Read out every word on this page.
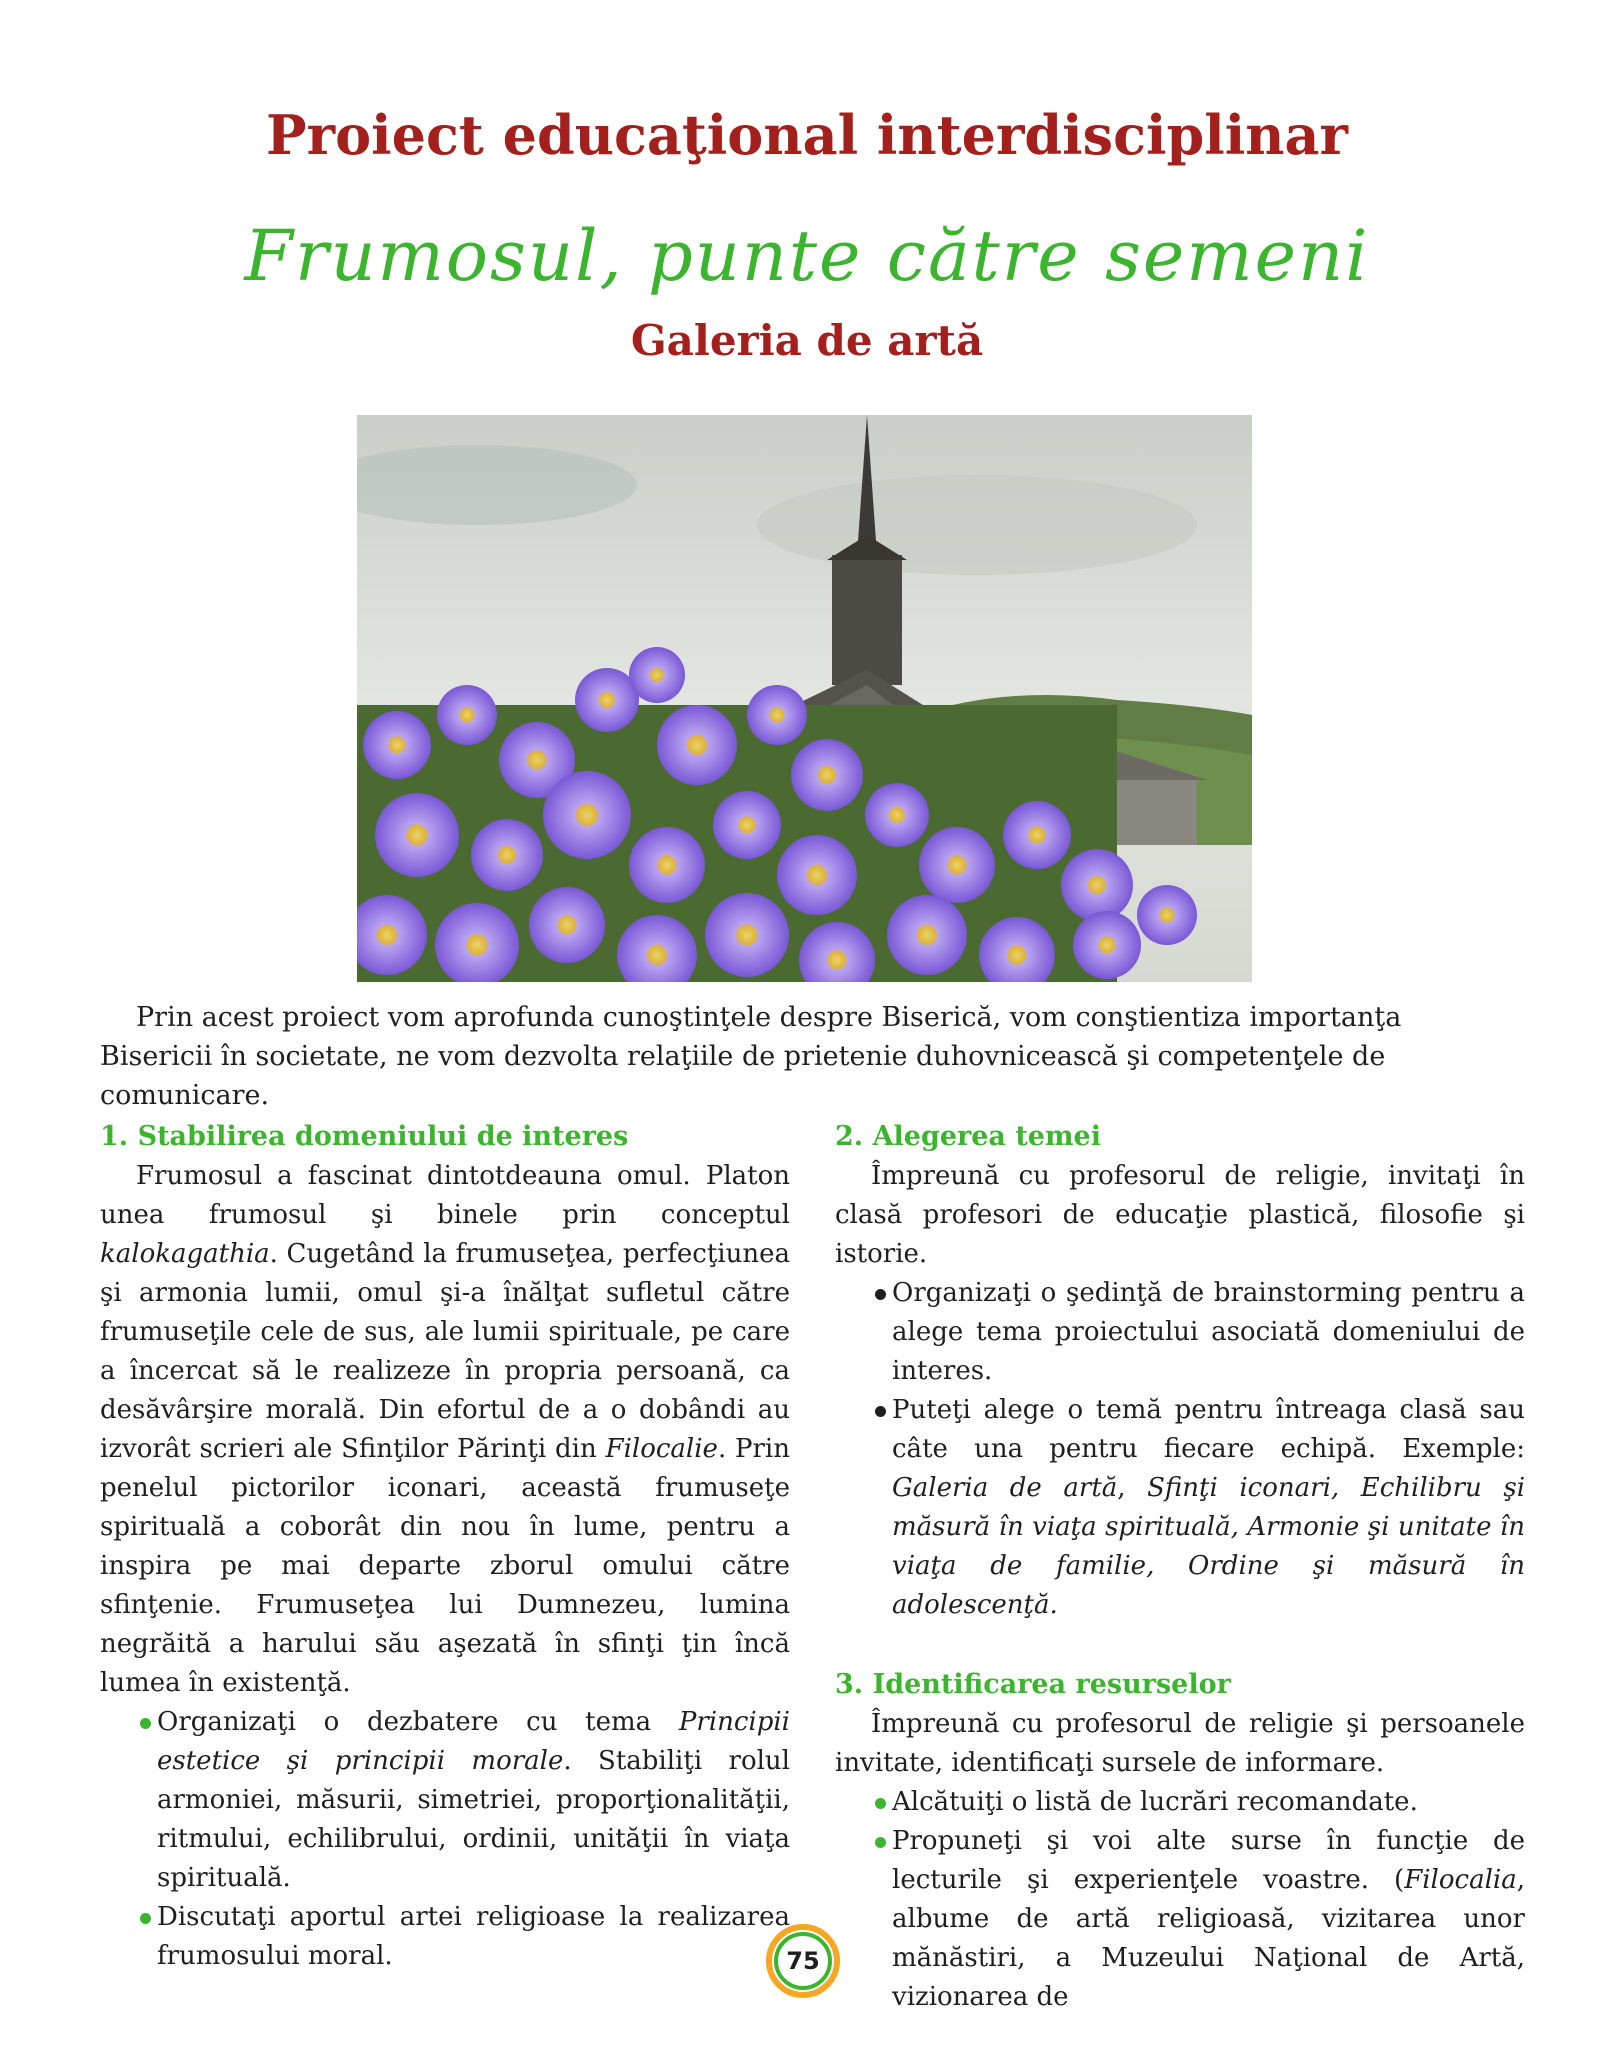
Proiect educaţional interdisciplinar
Frumosul, punte către semeni
Galeria de artă

Prin acest proiect vom aprofunda cunoştinţele despre Biserică, vom conştientiza importanţa Bisericii în societate, ne vom dezvolta relaţiile de prietenie duhovnicească şi competenţele de comunicare.

1. Stabilirea domeniului de interes

Frumosul a fascinat dintotdeauna omul. Platon unea frumosul şi binele prin conceptul kalokagathia. Cugetând la frumuseţea, perfecţiunea şi armonia lumii, omul şi-a înălţat sufletul către frumuseţile cele de sus, ale lumii spirituale, pe care a încercat să le realizeze în propria persoană, ca desăvârşire morală. Din efortul de a o dobândi au izvorât scrieri ale Sfinţilor Părinţi din Filocalie. Prin penelul pictorilor iconari, această frumuseţe spirituală a coborât din nou în lume, pentru a inspira pe mai departe zborul omului către sfinţenie. Frumuseţea lui Dumnezeu, lumina negrăită a harului său aşezată în sfinţi ţin încă lumea în existenţă.

Organizaţi o dezbatere cu tema Principii estetice şi principii morale. Stabiliţi rolul armoniei, măsurii, simetriei, proporţionalităţii, ritmului, echilibrului, ordinii, unităţii în viaţa spirituală.
Discutaţi aportul artei religioase la realizarea frumosului moral.
2. Alegerea temei

Împreună cu profesorul de religie, invitaţi în clasă profesori de educaţie plastică, filosofie şi istorie.

Organizaţi o şedinţă de brainstorming pentru a alege tema proiectului asociată domeniului de interes.
Puteţi alege o temă pentru întreaga clasă sau câte una pentru fiecare echipă. Exemple: Galeria de artă, Sfinţi iconari, Echilibru şi măsură în viaţa spirituală, Armonie şi unitate în viaţa de familie, Ordine şi măsură în adolescenţă.
3. Identificarea resurselor

Împreună cu profesorul de religie şi persoanele invitate, identificaţi sursele de informare.

Alcătuiţi o listă de lucrări recomandate.
Propuneţi şi voi alte surse în funcţie de lecturile şi experienţele voastre. (Filocalia, albume de artă religioasă, vizitarea unor mănăstiri, a Muzeului Naţional de Artă, vizionarea de
75
